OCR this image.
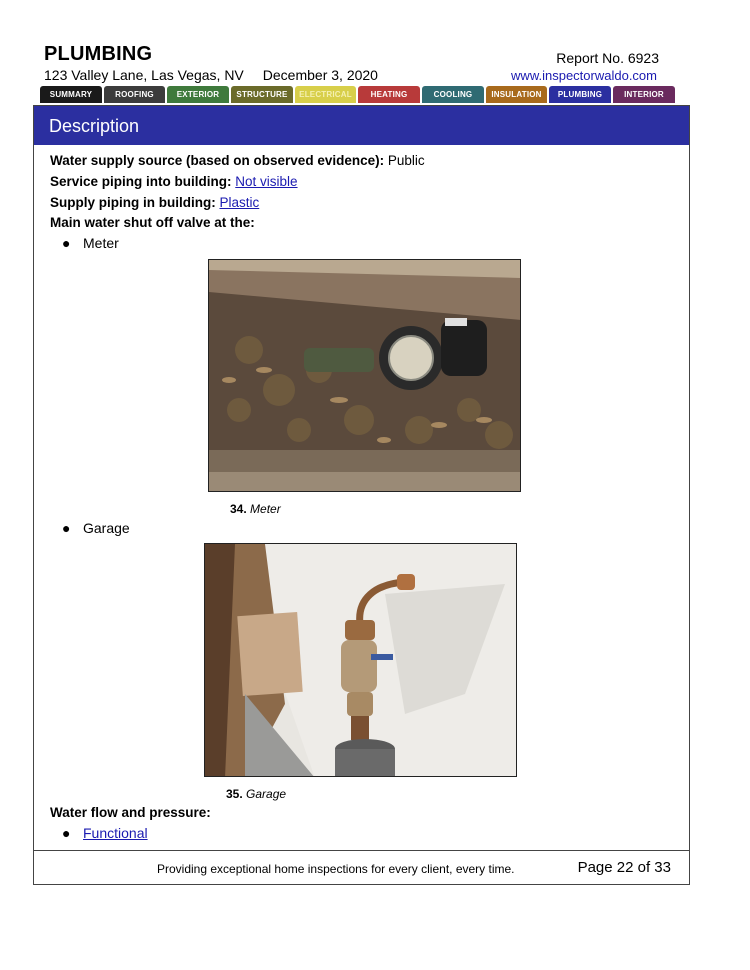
PLUMBING	Report No. 6923
123 Valley Lane, Las Vegas, NV December 3, 2020	www.inspectorwaldo.com
SUMMARY	ROOFING	EXTERIOR	STRUCTURE	ELECTRICAL	HEATING	COOLING	INSULATION	PLUMBING	INTERIOR
Description
Water supply source (based on observed evidence): Public
Service piping into building: Not visible
Supply piping in building: Plastic
Main water shut off valve at the:
● Meter
34. Meter
● Garage
35. Garage
Water flow and pressure:
● Functional
Providing exceptional home inspections for every client, every time.	Page 22 of 33
